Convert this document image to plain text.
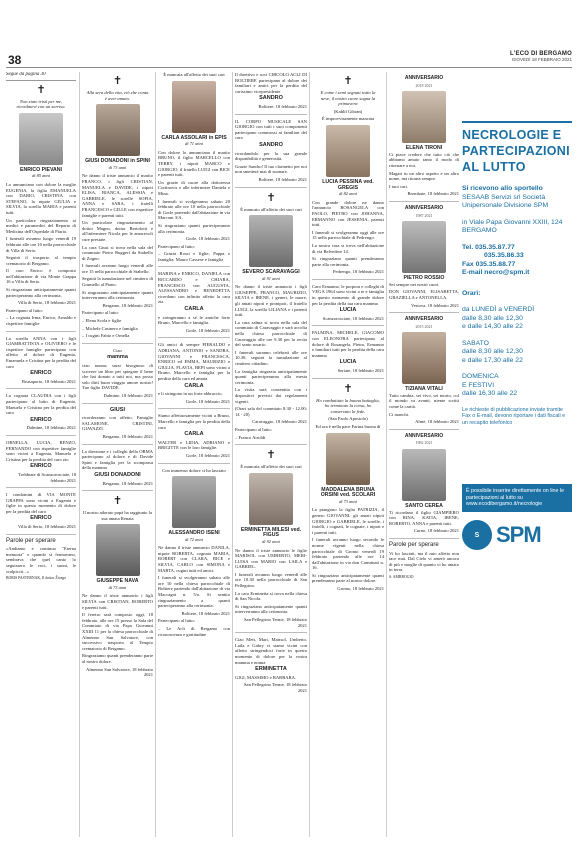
38	L'ECO DI BERGAMO
GIOVEDÌ 18 FEBBRAIO 2021
Segue da pagina 30
✝

Non siate tristi per me, ricordatevi con un sorriso.

ENRICO PIEVANI
di 85 anni

Lo annunciano con dolore la moglie EUGENIA, la figlia EMANUELA con DARIO, CRISTINA con STEFANO, la nipote GIULIA e SILVIA, la sorella MARIA e parenti tutti.

Un particolare ringraziamento ai medici e paramedici del Reparto di Medicina dell'Ospedale di Piario.

I funerali avranno luogo venerdì 19 febbraio alle ore 10 nella parrocchiale di Villa di Serio.

Seguirà il trasporto al tempio crematorio di Bergamo.

Il caro Enrico è composto nell'abitazione di via Monte Grappa 16 a Villa di Serio.

Si ringraziano anticipatamente quanti parteciperanno alla cerimonia.

Villa di Serio, 18 febbraio 2021

Partecipano al lutto:

– La cognata Irma, Enrico, Arnaldo e rispettive famiglie

La sorella ANNA con i figli GIAMBATTISTA e OLIVIERO e le rispettive famiglie partecipano con affetto al dolore di Eugenia, Emanuela e Cristina per la perdita del caro

ENRICO

Brusaporto, 18 febbraio 2021

La cognata CLAUDIA con i figli partecipano al lutto di Eugenia, Manuela e Cristina per la perdita del caro

ENRICO

Dalmine, 18 febbraio 2021

ORNELLA, LUCIA, RENZO, FERNANDO con rispettive famiglie sono vicini a Eugenia, Manuela e Cristina per la perdita del caro zio

ENRICO

Trebbiate di Scanzorosciate, 18 febbraio 2021

I condomini di VIA MONTE GRAPPA sono vicini a Eugenia e figlie in questo momento di dolore per la perdita del caro

ENRICO

Villa di Serio, 18 febbraio 2021

Parole per sperare

«Andiamo e continuo "Eterna memoria" e quando si fermavano, sembrava che quel canto lo seguissero le voci, i suoni, le scalpiccii...»

BORIS PASTERNAK, Il dottor Živago

✝

Alla sera della vita, ciò che conta è aver amato.

GIUSI DONADONI in SPINI
di 73 anni

Ne danno il triste annuncio il marito FRANCO, i figli CRISTIAN, MANUELA e DAVIDE, i nipoti ELISA, BIANCA, ALESSIA e GABRIELE, le sorelle SOFIA, ANNA e SARA, i fratelli FRANCESCO e GILLE con rispettive famiglie e parenti tutti.

Un particolare ringraziamento al dottor Magno, dottor Bertolotti e all'infermiere Nicola per le amorevoli cure prestate.

La cara Giusi si trova nella sala del commiato Pietro Ruggeri da Stabello di Zogno.

I funerali avranno luogo venerdì alle ore 15 nella parrocchiale di Stabello.

Seguirà la tumulazione nel cimitero di Grumello al Piano.

Si ringraziano anticipatamente quanti interverranno alla cerimonia.

Bergamo, 18 febbraio 2021

Partecipano al lutto:

– Elena Scola e figlie

– Michele Casinero e famiglia

– I cugini Fabio e Ornella

Ciao

mamma

ciao nonna; sarai bisognoso di scrivere un libro per spiegare il bene che hai donato a tutti noi, ma posso solo dirti buon viaggio amore nostro! Tuo figlio DAVIDE.

Dalmine, 18 febbraio 2021

GIUSI

ricorderanno con affetto. Famiglie SALAMONE, CRISTINI, GIAVAZZI.

Bergamo, 18 febbraio 2021

La direzione e i colleghi della ORMA partecipano al dolore e di Davide Spini e famiglia per la scomparsa della mamma

GIUSI DONADONI

Bergamo, 18 febbraio 2021

✝

Il nostro adorato papà ha raggiunto la sua amata Renata

GIUSEPPE NAVA
di 73 anni

Ne danno il triste annuncio i figli SILVIA con CRISTIAN, ROBERTO e parenti tutti.

Il feretro sarà composto oggi, 18 febbraio, alle ore 15 presso la Sala del Commiato di via Papa Giovanni XXIII 11 per la chiesa parrocchiale di Almenno San Salvatore, con successivo trasporto al Tempio crematorio di Bergamo.

Ringraziamo quanti prenderanno parte al nostro dolore.

Almenno San Salvatore, 18 febbraio 2021

È mancata all'affetto dei suoi cari

CARLA ASSOLARI in EPIS
di 71 anni

Con dolore lo annunciano il marito BRUNO, il figlio MARCELLO con TERRY, i nipoti MARCO e GIORGIO, il fratello LUIGI con BICE e parenti tutti.

Un grazie di cuore alla dottoressa Cortinovis e alle infermiere Daniela e Mina.

I funerali si svolgeranno sabato 20 febbraio alle ore 10 nella parrocchiale di Gorle partendo dall'abitazione in via Marconi 3/A.

Si ringraziano quanti parteciperanno alla cerimonia.

Gorle, 18 febbraio 2021

Partecipano al lutto:

– Grazia Rossi e figlie; Pappa e famiglia; Mauro Cassese e famiglia

MARINA e ENRICO, DANIELA con RICCARDO e CHIARA, FRANCESCO con AUGUSTA, ALESSANDRO e BENEDETTA ricordano con infinito affetto la cara zia

CARLA

e stringeranno a sé le amiche forte Bruno, Marcello e famiglia.

Gorle, 18 febbraio 2021

Gli amici di sempre PIERALDO e ADRIANA, ANTONIO e SANDRA, GIOVANNI e FRANCESCA, ENRICO ed EMMA, MAURIZIO e GIULIA, FLAVIA, BEPI sono vicini a Bruno, Marcello e famiglia per la perdita della cara ed amata

CARLA

e li stringono in un forte abbraccio.

Gorle, 18 febbraio 2021

Siamo affettuosamente vicini a Bruno, Marcello e famiglia per la perdita della cara

CARLA

WALTER e LIDIA, ADRIANO e BRIGITTE con le loro famiglie.

Gorle, 18 febbraio 2021

Con immenso dolore ci ha lasciato

ALESSANDRO ISENI
di 72 anni

Ne danno il triste annuncio DANILA, nipote ROBERTA, cognata MARIA, ROBERT con CLARA, BICE e SILVIA, CARLO con SIMONA e MARTA, cugini tutti ed amici.

I funerali si svolgeranno sabato alle ore 10 nella chiesa parrocchiale di Boltiere partendo dall'abitazione di via Maccagni n. 5/a. Si sentito ringraziamento a quanti parteciperanno alla cerimonia.

Boltiere, 18 febbraio 2021

Partecipano al lutto:

– Le Acli di Bergamo con riconoscenza e gratitudine

Il direttivo e soci CIRCOLO ACLI DI BOLTIERE partecipano al dolore dei familiari e amici per la perdita del carissimo vicepresidente

SANDRO

Boltiere, 18 febbraio 2021

IL CORPO MUSICALE SAN GIORGIO con tutti i suoi componenti partecipano commossi ai familiari del caro

SANDRO

ricordandolo per la sua grande disponibilità e generosità.

Grazie Sandro! Il tuo clarinetto per noi non smetterà mai di suonare.

Boltiere, 18 febbraio 2021

✝

È mancato all'affetto dei suoi cari

SEVERO SCARAVAGGI
di 91 anni

Ne danno il triste annuncio i figli GIUSEPPE, FRANCO, MAURIZIO, SILVIA e IRENE, i generi, le nuore, gli amati nipoti e pronipoti, il fratello LUIGI, la sorella LILIANA e i parenti tutti.

La cara salma si trova nella sala del commiato di Caravaggio e sarà accolta nella chiesa parrocchiale di Caravaggio alle ore 9.30 per la recita del santo rosario.

I funerali saranno celebrati alle ore 10.30, seguirà la tumulazione al cimitero cittadino.

La famiglia ringrazia anticipatamente quanti parteciperanno alla mesta cerimonia.

La visita sarà consentita con i dispositivi previsti dai regolamenti vigenti.

(Orari sala del commiato 8.30 - 12.00; 14 - 20)

Caravaggio, 18 febbraio 2021

Partecipano al lutto:

– Franco Airoldi

✝

È mancata all'affetto dei suoi cari

ERMINETTA MILESI ved. FIGUS
di 92 anni

Ne danno il triste annuncio le figlie MARISOL con UMBERTO, MERI-LUISA con MARIO con LAILA e GABRIEL.

I funerali avranno luogo venerdì alle ore 10.30 nella parrocchiale di San Pellegrino.

La cara Erminetta si trova nella chiesa di San Nicola.

Si ringraziano anticipatamente quanti interverranno alla cerimonia.

San Pellegrino Terme, 18 febbraio 2021

Ciao Meri, Mari, Marisol, Umberto, Laila e Gabry vi siamo vicini con affetto stringendoci forte in questo momento di dolore per la vostra mamma e nonna

ERMINETTA

GIGI, MASSIMO e BARBARA.

San Pellegrino Terme, 18 febbraio 2021

✝

E come i semi segnati sotto la neve, il nostro cuore sogna la primavera

(Kahlil Gibran)

È improvvisamente mancata

LUCIA PESSINA ved. GREGIS
di 82 anni

Con grande dolore ne danno l'annuncio ROSANGELA con PAOLO, PIETRO con JOHANNA, ERMANNO con JESSENIA, parenti tutti.

I funerali si svolgeranno oggi alle ore 15 nella parrocchiale di Pedrengo.

La nostra cara si trova nell'abitazione di via Belvedere 14.

Si ringraziano quanti prenderanno parte alla cerimonia.

Pedrengo, 18 febbraio 2021

Caro Ermanno, le porpora e colleghi di VEGA 1964 sono vicini a te e famiglia in questo momento di grande dolore per la perdita della tua cara mamma

LUCIA

Scanzorosciate, 18 febbraio 2021

PALMINA, MICHELE, GIACOMO con ELEONORA partecipano al dolore di Rosangela, Pietro, Ermanno e familiari tutti per la perdita della cara mamma

LUCIA

Seriate, 18 febbraio 2021

✝

Ho combattuto la buona battaglia, ho terminato la corsa, ho conservato la fede.

(San Paolo Apostolo)

Ed ora è nella pace Farina buona di

MADDALENA BRUNA ORSINI ved. SCOLARI
di 73 anni

La piangono la figlia PATRIZIA, il genero GIOVANNI, gli amati nipoti GIORGIO e GABRIELE, le sorelle, i fratelli, i cognati, le cognate, i nipoti e i parenti tutti.

I funerali avranno luogo secondo le norme vigenti nella chiesa parrocchiale di Gromo venerdì 19 febbraio partendo alle ore 14 dall'abitazione in via don Carminati n. 16.

Si ringraziano anticipatamente quanti prenderanno parte al nostro dolore.

Gromo, 18 febbraio 2021

ANNIVERSARIO
2018 2021
ELENA TIRONI

Ci piace credere che tutto ciò che abbiamo amato tanto il modo di ritornare a noi.

Magari tu un altro aspetto e un altro nome, ma ritorna sempre.

I tuoi cari.

Brembate, 18 febbraio 2021

ANNIVERSARIO
1987 2021
PIETRO ROSSIO

Sei sempre nei nostri cuori.

DON GIOVANNI, ELISABETTA, GRAZIELLA e ANTONELLA.

Vertova, 18 febbraio 2021

ANNIVERSARIO
2015 2021
TIZIANA VITALI

Tutto cambia, sei vivo, sei morto, col il mondo va avanti, niente scritti come la carità.

Ci manchi.

Almè, 18 febbraio 2021

ANNIVERSARIO
1982 2021
SANTO CEREA

Ti ricordano il figlio GIAMPIERO con RINA, KATIA, IRENE, ROBERTO, ANNA e parenti tutti.

Curno, 18 febbraio 2021

Parole per sperare

Vi ho lasciati, ma il mio affetto non tace mai. Dal Cielo vi amerò ancora di più e moglie di quanto vi ho amato in terra.

S. AMBROGIO

NECROLOGIE E PARTECIPAZIONI AL LUTTO
Si ricevono allo sportello
SESAAB Servizi srl Società Unipersonale Divisione SPM
in Viale Papa Giovanni XXIII, 124 BERGAMO
Tel. 035.35.87.77
035.35.86.33
Fax 035.35.88.77
E-mail necro@spm.it

Orari:

da LUNEDÌ a VENERDÌ
dalle 8,30 alle 12,30
e dalle 14,30 alle 22

SABATO
dalle 8,30 alle 12,30
e dalle 17,30 alle 22

DOMENICA
E FESTIVI
dalle 16,30 alle 22

Le richieste di pubblicazione inviate tramite Fax o E-mail, devono riportare i dati fiscali e un recapito telefonico
È possibile inserire direttamente on line le partecipazioni al lutto su www.ecodibergamo.it/necrologie
S SPM
